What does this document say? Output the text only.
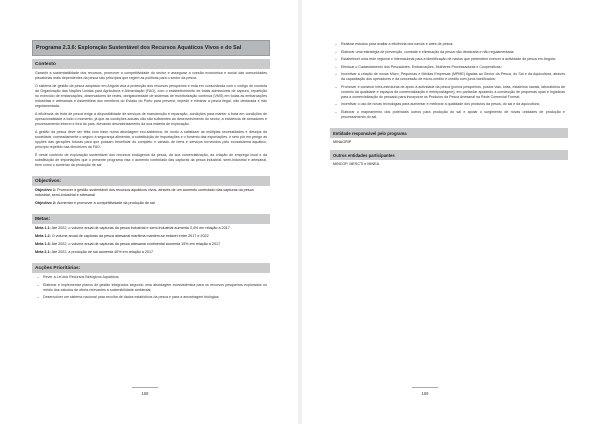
Programa 2.3.6: Exploração Sustentável dos Recursos Aquáticos Vivos e do Sal
Contexto

Garantir a sustentabilidade dos recursos, promover a competitividade do sector e assegurar a coesão económica e social das comunidades piscatórias mais dependentes da pesca são princípios que regem as políticas para o sector da pesca.

O sistema de gestão da pesca adoptado em Angola visa a protecção dos recursos pesqueiros e está em consonância com o código de conduta da Organização das Nações Unidas para Agricultura e Alimentação (FAO), com o estabelecimento de totais admissíveis de captura, repartição no exercício de embarcações, observadores de redes, obrigatoriedade de sistemas de monitorização contínua (VMS) em todas as embarcações industriais e artesanais e Assembleia dos membros do Estado do Porto para prevenir, impedir e eliminar a pesca ilegal, não declarada e não regulamentada.

A eficiência da frota de pesca exige a disponibilidade de serviços de manutenção e reparação, condições para manter a frota em condições de operacionalidade a todo o momento, já que as condições actuais não são suficientes ao desenvolvimento do sector, a existência de armadores e processamento interno e fora do país, elevando desvalorizamento da sua matéria de exploração.

A gestão da pesca deve ser feita com base numa abordagem eco-sistémica, de modo a satisfazer as múltiplas necessidades e desejos da sociedade, nomeadamente o seguro à segurança alimentar, a substituição de importações e o fomento das exportações, e sem pôr em perigo as opções das gerações futuras para que possam beneficiar do completo e variado de bens e serviços fornecidos pelo ecossistema aquático, princípio repetido nas directrizes da FAO.

É neste contexto de exploração sustentável dos recursos endógenos da pesca, da sua comercialização, da criação de emprego local e da substituição de importações que o presente programa visa o aumento controlado das capturas da pesca industrial, semi-industrial e artesanal, bem como o aumento da produção de sal.

Objectivos:

Objectivo 1: Promover a gestão sustentável dos recursos aquáticos vivos, através de um aumento controlado das capturas da pesca industrial, semi-industrial e artesanal

Objectivo 2: Aumentar e promover a competitividade da produção de sal

Metas:

Meta 1.1: Até 2022, o volume anual de capturas da pesca industrial e semi-industrial aumenta 3,4% em relação a 2017

Meta 1.2: O volume anual de capturas da pesca artesanal marítima mantém-se estável entre 2017 e 2022

Meta 1.3: Até 2022, o volume anual de capturas da pesca artesanal continental aumenta 15% em relação a 2017

Meta 2.1: Até 2022, a produção de sal aumenta 40% em relação a 2017

Acções Prioritárias:
– Rever a Lei dos Recursos Biológicos Aquáticos;
– Elaborar e implementar planos de gestão integrados segundo uma abordagem ecossistémica para os recursos pesqueiros explorados no médio dos estudos de oferta relevantes à sostenibilidade ambiental;
– Desenvolver um sistema nacional para recolha de dados estatísticos da pesca e para a amostragem biológica;
168
– Realizar estudos para avaliar a eficiência dos navios e artes de pesca;
– Elaborar uma estratégia de prevenção, combate e eliminação da pesca não declarada e não regulamentada;
– Estabelecer uma rede regional e internacional para a identificação de navios que pretendem exercer a actividade de pesca em Angola;
– Efectuar o Cadastramento dos Pescadores, Embarcações, Mulheres Processadoras e Cooperativas;
– Incentivar a criação de novas Micro, Pequenas e Médias Empresas (MPME) ligadas ao Sector da Pesca, do Sal e da Aquicultura, através da capacitação dos operadores e da concessão de micro-crédito e crédito com juros bonificados;
– Promover e construir infra-estruturas de apoio à actividade da pesca (portos pesqueiros, postos vias, lotas, estaleiros navais, laboratórios de controlo da qualidade e espaços de comercialização e entrepostagem), em particular apoiando a construção de pequenas opas e logísticas para a comercialização do pescado para incorporar os Produtos da Pesca Artesanal na Rede Comercial Formal;
– Incentivar o uso de novas tecnologias para aumentar e melhorar a qualidade dos produtos da pesca, do sal e da aquicultura;
– Elaborar o mapeamento dos potenciais outros para produção do sal e apoiar o surgimento de novas unidades de produção e processamento do sal.
Entidade responsável pelo programa
MINAGRIP
Outros entidades participantes
MINCOP, MESCTI e MINEA
169
